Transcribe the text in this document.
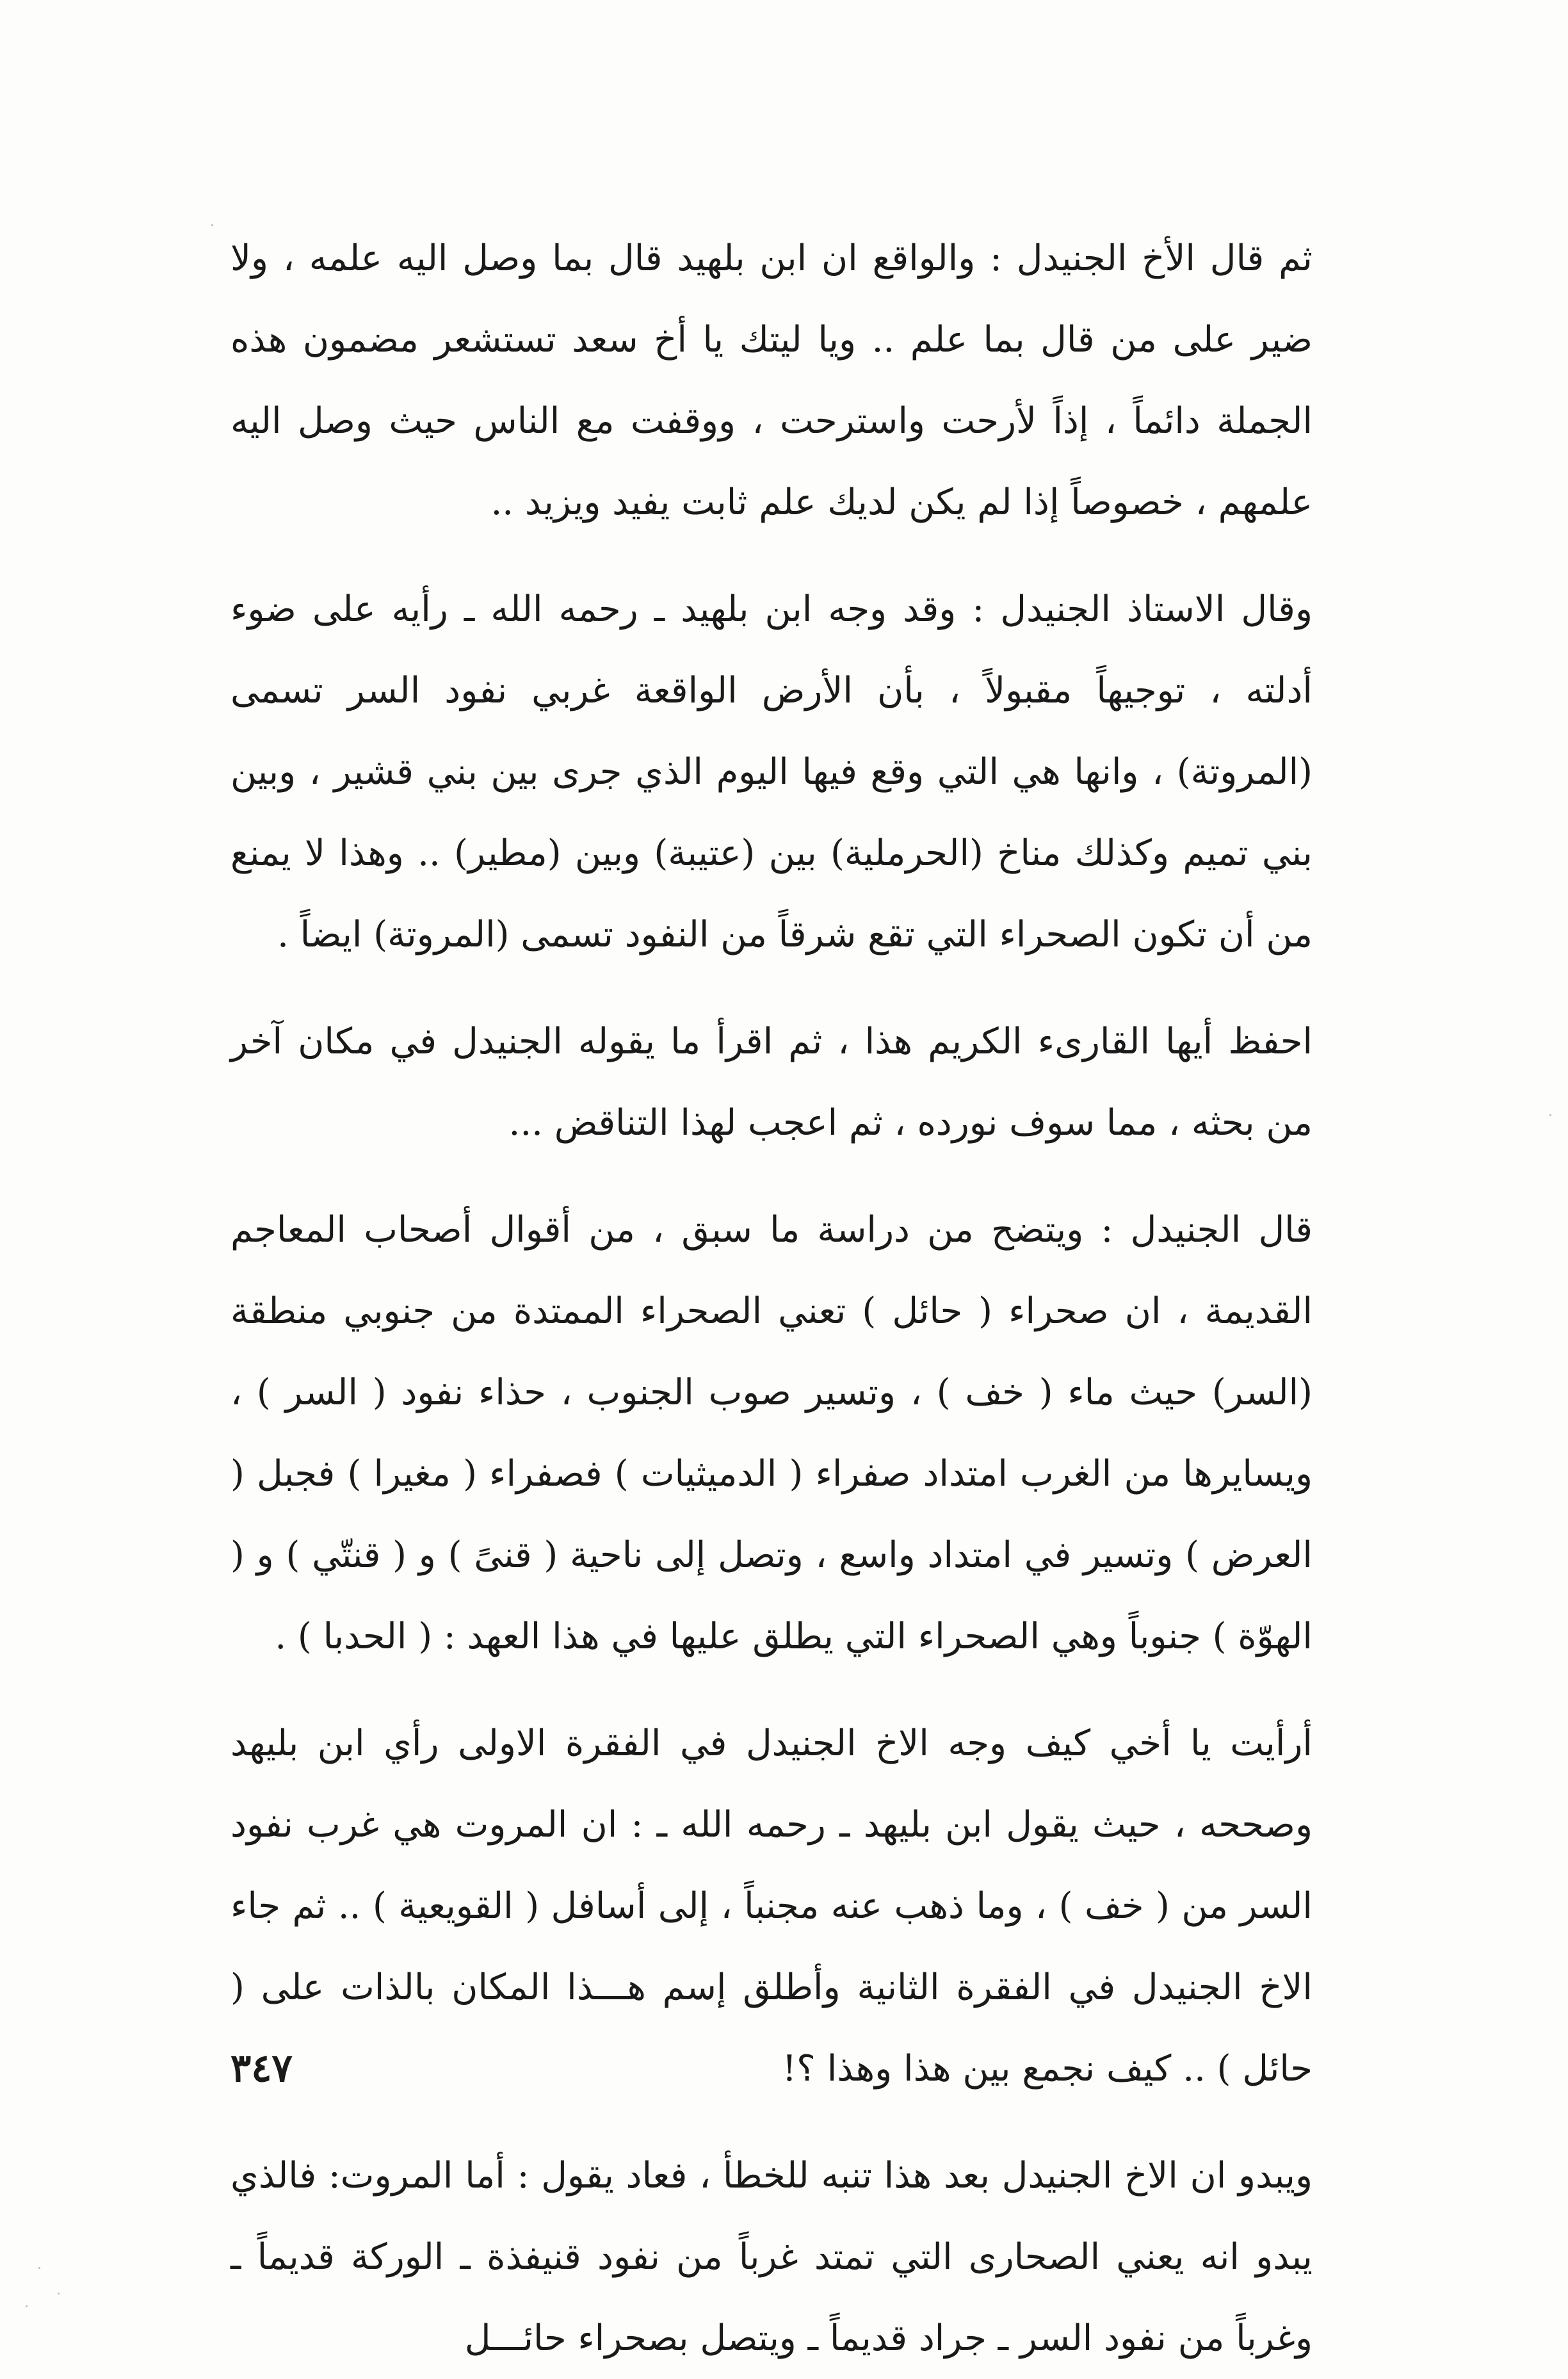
ثم قال الأخ الجنيدل : والواقع ان ابن بلهيد قال بما وصل اليه علمه ، ولا ضير على من قال بما علم .. ويا ليتك يا أخ سعد تستشعر مضمون هذه الجملة دائماً ، إذاً لأرحت واسترحت ، ووقفت مع الناس حيث وصل اليه علمهم ، خصوصاً إذا لم يكن لديك علم ثابت يفيد ويزيد ..

وقال الاستاذ الجنيدل : وقد وجه ابن بلهيد ـ رحمه الله ـ رأيه على ضوء أدلته ، توجيهاً مقبولاً ، بأن الأرض الواقعة غربي نفود السر تسمى (المروتة) ، وانها هي التي وقع فيها اليوم الذي جرى بين بني قشير ، وبين بني تميم وكذلك مناخ (الحرملية) بين (عتيبة) وبين (مطير) .. وهذا لا يمنع من أن تكون الصحراء التي تقع شرقاً من النفود تسمى (المروتة) ايضاً .

احفظ أيها القارىء الكريم هذا ، ثم اقرأ ما يقوله الجنيدل في مكان آخر من بحثه ، مما سوف نورده ، ثم اعجب لهذا التناقض ...

قال الجنيدل : ويتضح من دراسة ما سبق ، من أقوال أصحاب المعاجم القديمة ، ان صحراء ( حائل ) تعني الصحراء الممتدة من جنوبي منطقة (السر) حيث ماء ( خف ) ، وتسير صوب الجنوب ، حذاء نفود ( السر ) ، ويسايرها من الغرب امتداد صفراء ( الدميثيات ) فصفراء ( مغيرا ) فجبل ( العرض ) وتسير في امتداد واسع ، وتصل إلى ناحية ( قنىً ) و ( قنتّي ) و ( الهوّة ) جنوباً وهي الصحراء التي يطلق عليها في هذا العهد : ( الحدبا ) .

أرأيت يا أخي كيف وجه الاخ الجنيدل في الفقرة الاولى رأي ابن بليهد وصححه ، حيث يقول ابن بليهد ـ رحمه الله ـ : ان المروت هي غرب نفود السر من ( خف ) ، وما ذهب عنه مجنباً ، إلى أسافل ( القويعية ) .. ثم جاء الاخ الجنيدل في الفقرة الثانية وأطلق إسم هـــذا المكان بالذات على ( حائل ) .. كيف نجمع بين هذا وهذا ؟!

ويبدو ان الاخ الجنيدل بعد هذا تنبه للخطأ ، فعاد يقول : أما المروت: فالذي يبدو انه يعني الصحارى التي تمتد غرباً من نفود قنيفذة ـ الوركة قديماً ـ وغرباً من نفود السر ـ جراد قديماً ـ ويتصل بصحراء حائـــل

٣٤٧
